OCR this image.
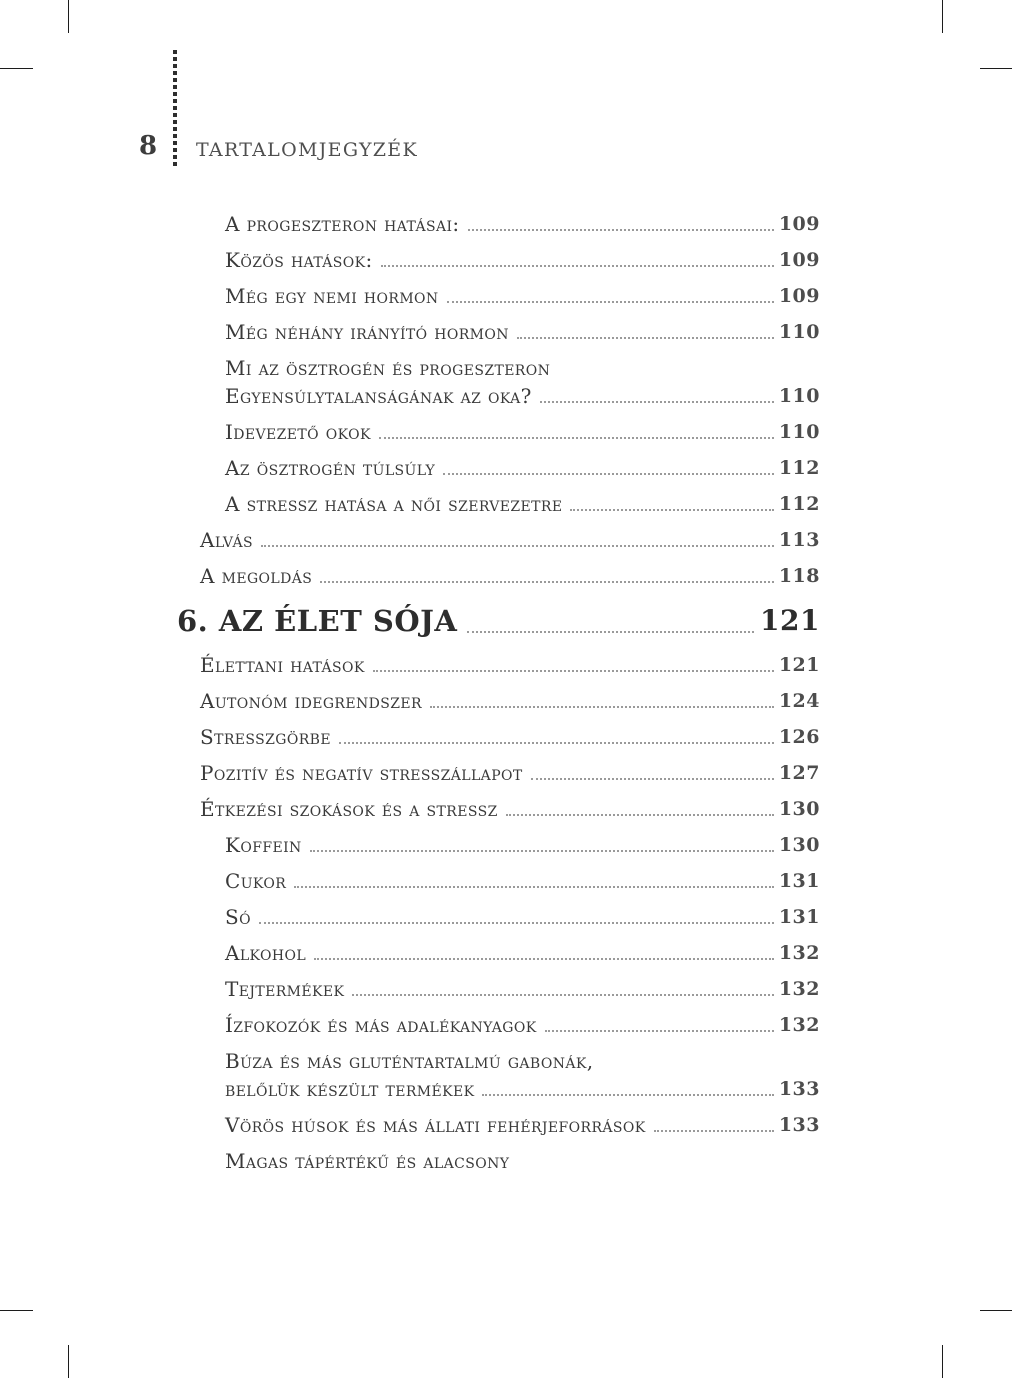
8	TARTALOMJEGYZÉK
A progeszteron hatásai:	109
Közös hatások:	109
Még egy nemi hormon	109
Még néhány irányító hormon	110
Mi az ösztrogén és progeszteron
Egyensúlytalanságának az oka?	110
Idevezető okok	110
Az ösztrogén túlsúly	112
A stressz hatása a női szervezetre	112
Alvás	113
A megoldás	118
6. AZ ÉLET SÓJA	121
Élettani hatások	121
Autonóm idegrendszer	124
Stresszgörbe	126
Pozitív és negatív stresszállapot	127
Étkezési szokások és a stressz	130
Koffein	130
Cukor	131
Só	131
Alkohol	132
Tejtermékek	132
Ízfokozók és más adalékanyagok	132
Búza és más gluténtartalmú gabonák,
belőlük készült termékek	133
Vörös húsok és más állati fehérjeforrások	133
Magas tápértékű és alacsony
